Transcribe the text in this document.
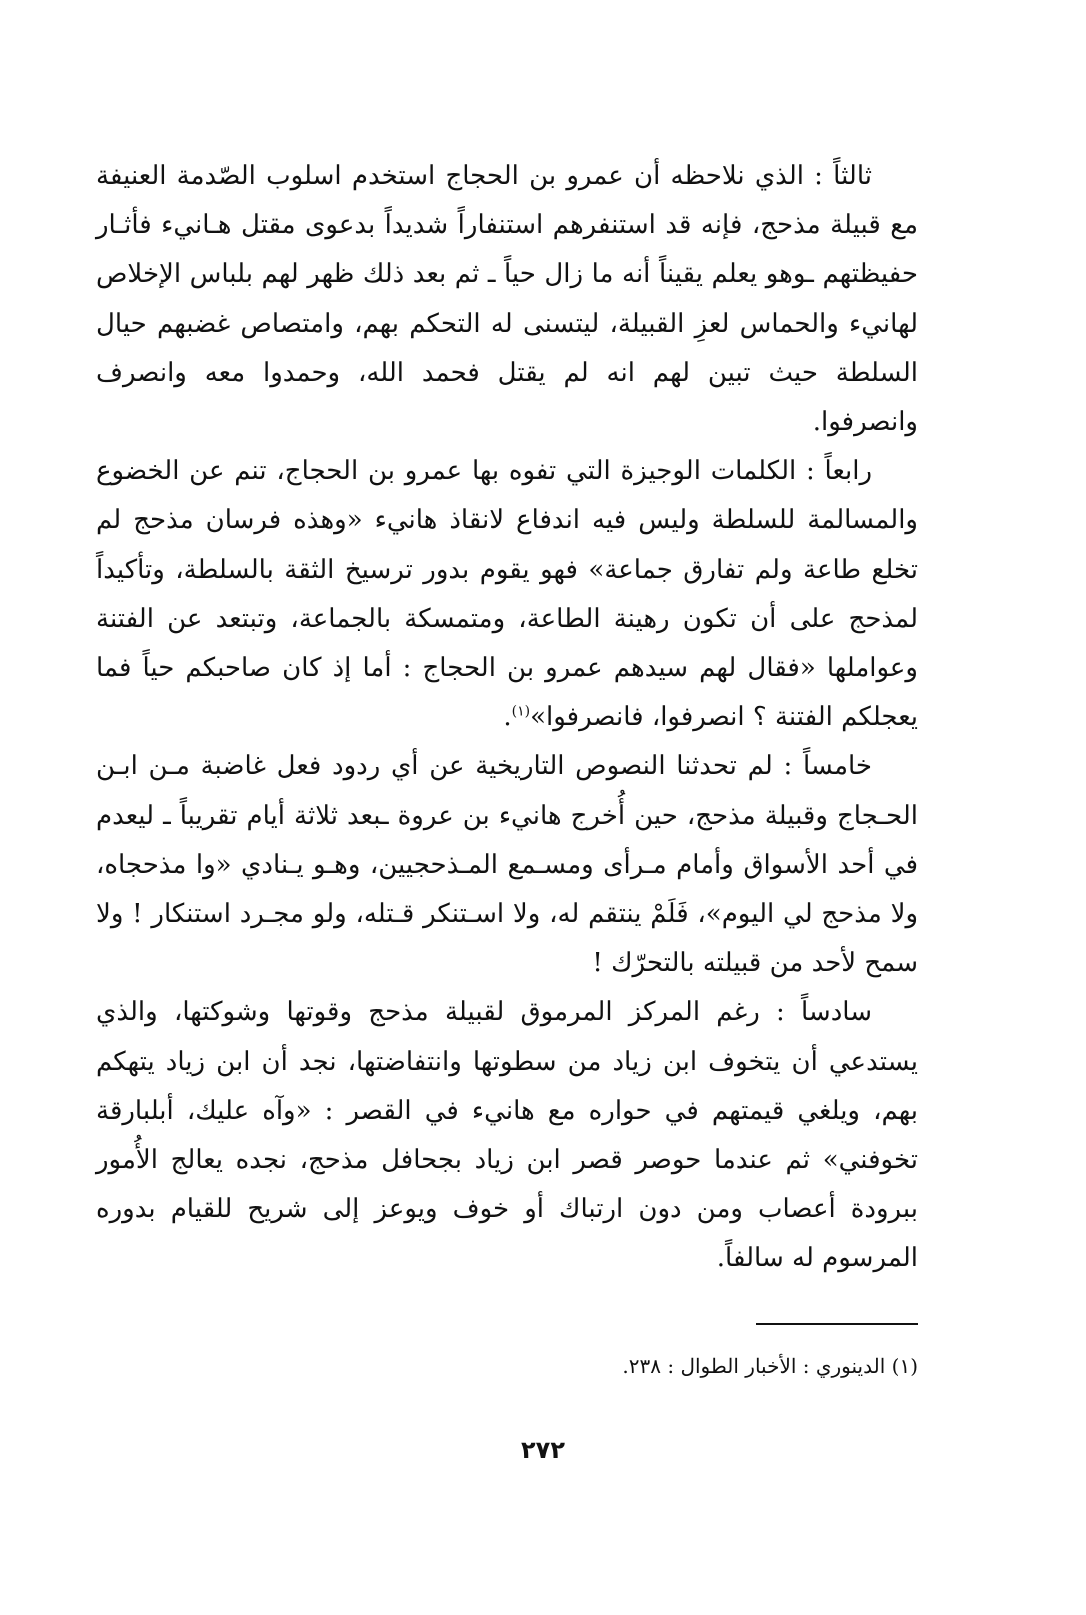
ثالثاً : الذي نلاحظه أن عمرو بن الحجاج استخدم اسلوب الصّدمة العنيفة مع قبيلة مذحج، فإنه قد استنفرهم استنفاراً شديداً بدعوى مقتل هـانيء فأثـار حفيظتهم ـوهو يعلم يقيناً أنه ما زال حياً ـ ثم بعد ذلك ظهر لهم بلباس الإخلاص لهانيء والحماس لعزِ القبيلة، ليتسنى له التحكم بهم، وامتصاص غضبهم حيال السلطة حيث تبين لهم انه لم يقتل فحمد الله، وحمدوا معه وانصرف وانصرفوا.

رابعاً : الكلمات الوجيزة التي تفوه بها عمرو بن الحجاج، تنم عن الخضوع والمسالمة للسلطة وليس فيه اندفاع لانقاذ هانيء «وهذه فرسان مذحج لم تخلع طاعة ولم تفارق جماعة» فهو يقوم بدور ترسيخ الثقة بالسلطة، وتأكيداً لمذحج على أن تكون رهينة الطاعة، ومتمسكة بالجماعة، وتبتعد عن الفتنة وعواملها «فقال لهم سيدهم عمرو بن الحجاج : أما إذ كان صاحبكم حياً فما يعجلكم الفتنة ؟ انصرفوا، فانصرفوا»$^{(١)}$.

خامساً : لم تحدثنا النصوص التاريخية عن أي ردود فعل غاضبة مـن ابـن الحـجاج وقبيلة مذحج، حين أُخرج هانيء بن عروة ـبعد ثلاثة أيام تقريباً ـ ليعدم في أحد الأسواق وأمام مـرأى ومسـمع المـذحجيين، وهـو يـنادي «وا مذحجاه، ولا مذحج لي اليوم»، فَلَمْ ينتقم له، ولا اسـتنكر قـتله، ولو مجـرد استنكار ! ولا سمح لأحد من قبيلته بالتحرّك !

سادساً : رغم المركز المرموق لقبيلة مذحج وقوتها وشوكتها، والذي يستدعي أن يتخوف ابن زياد من سطوتها وانتفاضتها، نجد أن ابن زياد يتهكم بهم، ويلغي قيمتهم في حواره مع هانيء في القصر : «وآه عليك، أبلبارقة تخوفني» ثم عندما حوصر قصر ابن زياد بجحافل مذحج، نجده يعالج الأُمور ببرودة أعصاب ومن دون ارتباك أو خوف ويوعز إلى شريح للقيام بدوره المرسوم له سالفاً.

(١) الدينوري : الأخبار الطوال : ٢٣٨.
٢٧٢
